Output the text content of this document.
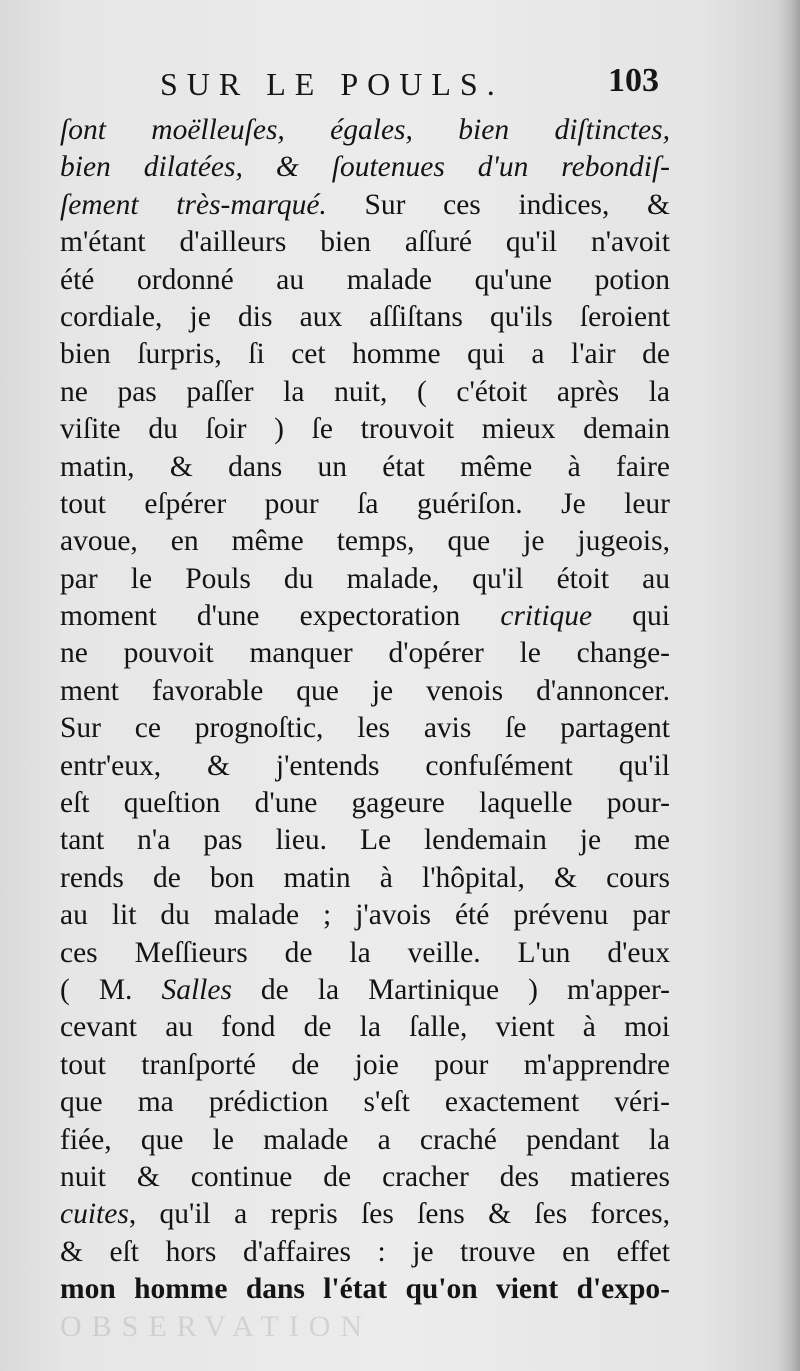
SUR LE POULS.	103
ſont moëlleuſes, égales, bien diſtinctes,
bien dilatées, & ſoutenues d'un rebondiſ-
ſement très-marqué. Sur ces indices, &
m'étant d'ailleurs bien aſſuré qu'il n'avoit
été ordonné au malade qu'une potion
cordiale, je dis aux aſſiſtans qu'ils ſeroient
bien ſurpris, ſi cet homme qui a l'air de
ne pas paſſer la nuit, ( c'étoit après la
viſite du ſoir ) ſe trouvoit mieux demain
matin, & dans un état même à faire
tout eſpérer pour ſa guériſon. Je leur
avoue, en même temps, que je jugeois,
par le Pouls du malade, qu'il étoit au
moment d'une expectoration critique qui
ne pouvoit manquer d'opérer le change-
ment favorable que je venois d'annoncer.
Sur ce prognoſtic, les avis ſe partagent
entr'eux, & j'entends confuſément qu'il
eſt queſtion d'une gageure laquelle pour-
tant n'a pas lieu. Le lendemain je me
rends de bon matin à l'hôpital, & cours
au lit du malade ; j'avois été prévenu par
ces Meſſieurs de la veille. L'un d'eux
( M. Salles de la Martinique ) m'apper-
cevant au fond de la ſalle, vient à moi
tout tranſporté de joie pour m'apprendre
que ma prédiction s'eſt exactement véri-
fiée, que le malade a craché pendant la
nuit & continue de cracher des matieres
cuites, qu'il a repris ſes ſens & ſes forces,
& eſt hors d'affaires : je trouve en effet
mon homme dans l'état qu'on vient d'expo-
OBSERVATION
